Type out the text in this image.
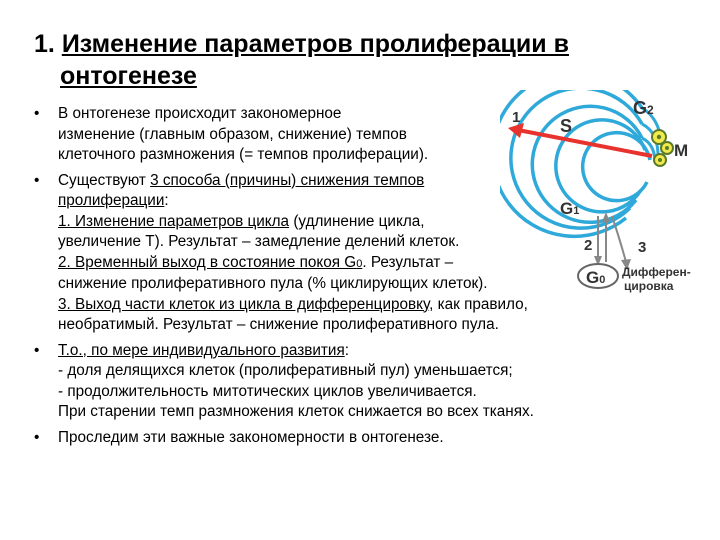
1. Изменение параметров пролиферации в
онтогенезе
• В онтогенезе происходит закономерное
изменение (главным образом, снижение) темпов
клеточного размножения (= темпов пролиферации).
• Существуют 3 способа (причины) снижения темпов
пролиферации:
1. Изменение параметров цикла (удлинение цикла,
увеличение T). Результат – замедление делений клеток.
2. Временный выход в состояние покоя G0. Результат –
снижение пролиферативного пула (% циклирующих клеток).
3. Выход части клеток из цикла в дифференцировку, как правило,
необратимый. Результат – снижение пролиферативного пула.
• Т.о., по мере индивидуального развития:
- доля делящихся клеток (пролиферативный пул) уменьшается;
- продолжительность митотических циклов увеличивается.
При старении темп размножения клеток снижается во всех тканях.
• Проследим эти важные закономерности в онтогенезе.
G2
S
M
G1
G0
1
2	3
Дифферен-
цировка
